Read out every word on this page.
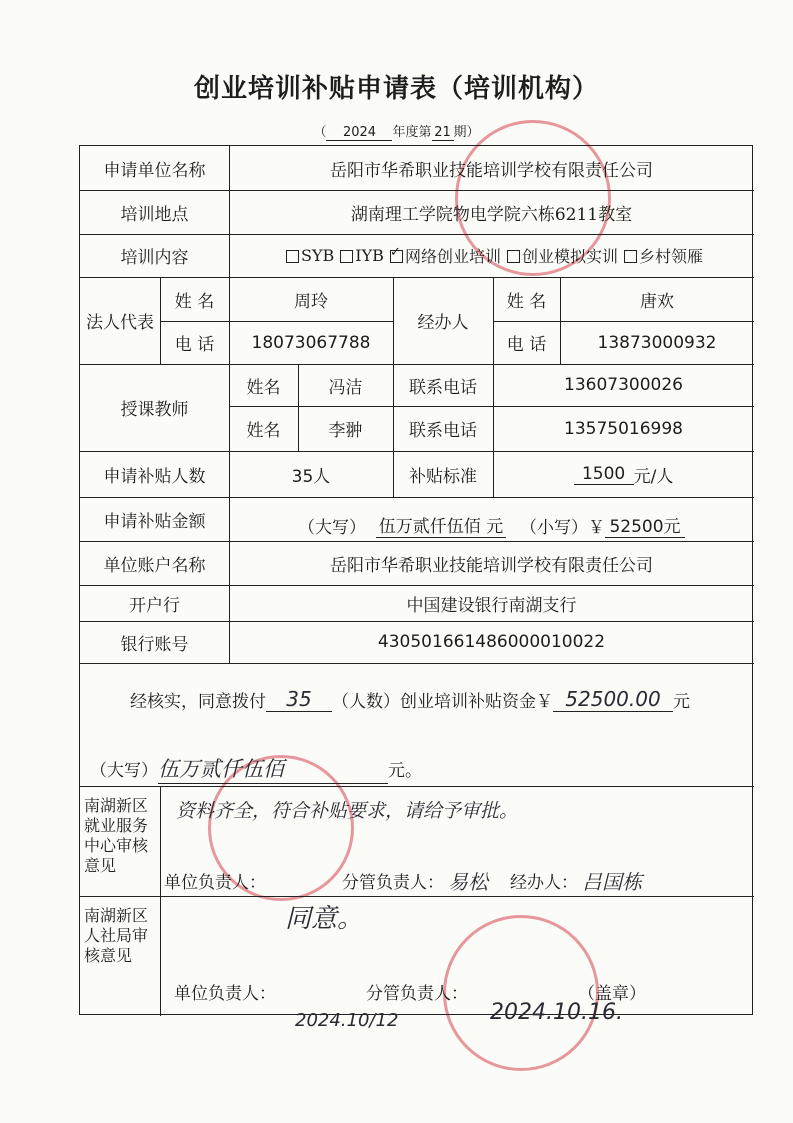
创业培训补贴申请表（培训机构）
（ 2024 年度第 21 期）
申请单位名称	岳阳市华希职业技能培训学校有限责任公司
培训地点	湖南理工学院物电学院六栋6211教室
培训内容	SYB IYB ✓ 网络创业培训 创业模拟实训 乡村领雁
法人代表
姓 名	周玲
电 话	18073067788
经办人
姓 名	唐欢
电 话	13873000932
授课教师
姓名	冯洁	联系电话	13607300026
姓名	李翀	联系电话	13575016998
申请补贴人数	35人	补贴标准	1500 元/人
申请补贴金额	（大写） 伍万贰仟伍佰 元 （小写）￥ 52500元
单位账户名称	岳阳市华希职业技能培训学校有限责任公司
开户行	中国建设银行南湖支行
银行账号	430501661486000010022
经核实，同意拨付	35	（人数）创业培训补贴资金￥ 52500.00 元
（大写） 伍万贰仟伍佰	元。
南湖新区就业服务中心审核意见
资料齐全，符合补贴要求，请给予审批。
单位负责人：	分管负责人： 易松 经办人： 吕国栋
南湖新区人社局审核意见
同意。
单位负责人：	分管负责人：	（盖章）
2024.10/12	2024.10.16.
